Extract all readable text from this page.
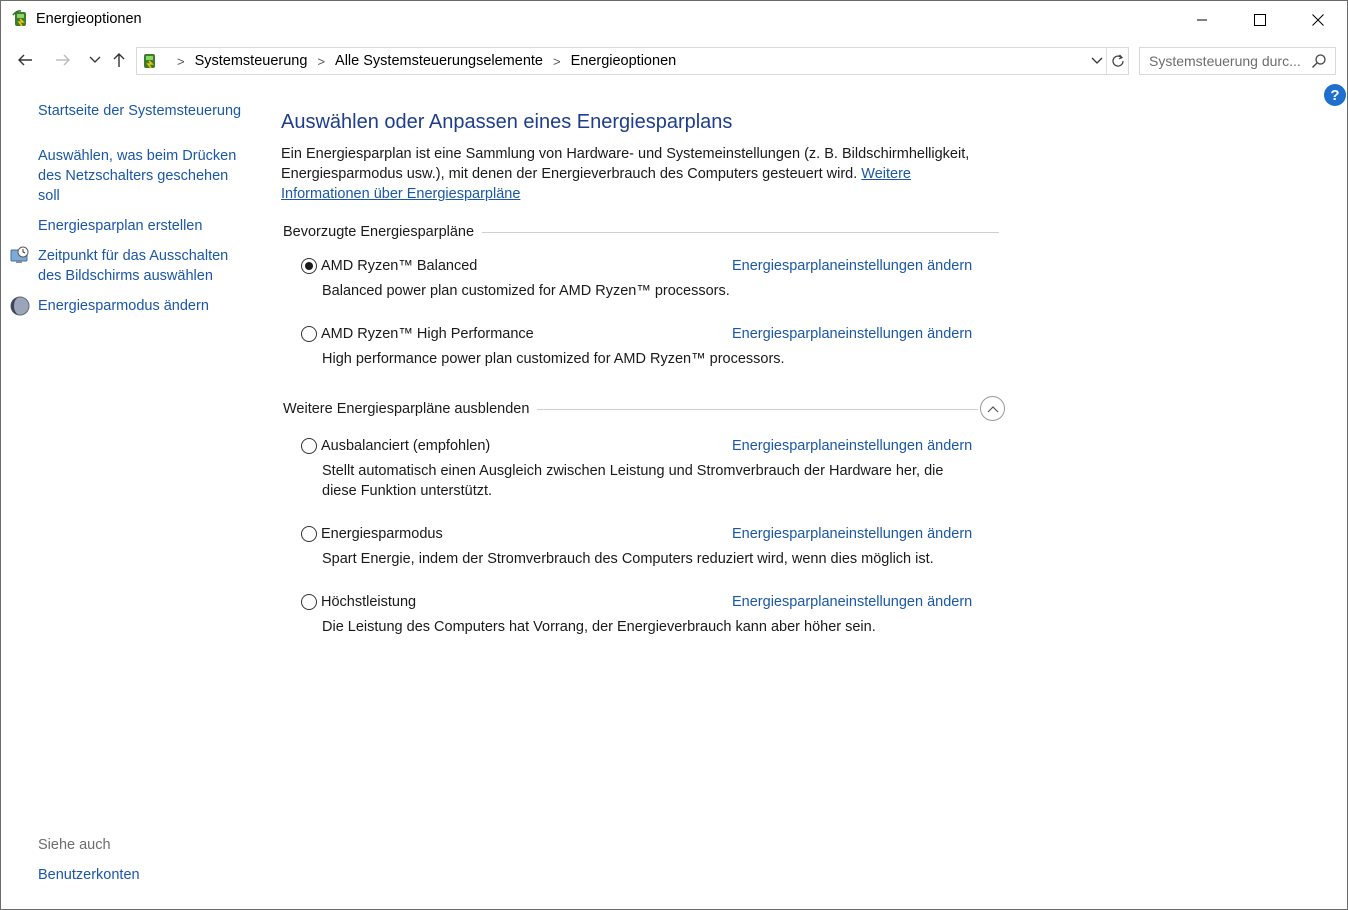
Energieoptionen
> Systemsteuerung > Alle Systemsteuerungselemente > Energieoptionen	Systemsteuerung durc...
?
Startseite der Systemsteuerung
Auswählen, was beim Drücken des Netzschalters geschehen soll
Energiesparplan erstellen
Zeitpunkt für das Ausschalten des Bildschirms auswählen
Energiesparmodus ändern
Siehe auch
Benutzerkonten
Auswählen oder Anpassen eines Energiesparplans
Ein Energiesparplan ist eine Sammlung von Hardware- und Systemeinstellungen (z. B. Bildschirmhelligkeit, Energiesparmodus usw.), mit denen der Energieverbrauch des Computers gesteuert wird. Weitere Informationen über Energiesparpläne
Bevorzugte Energiesparpläne
AMD Ryzen™ Balanced	Energiesparplaneinstellungen ändern
Balanced power plan customized for AMD Ryzen™ processors.
AMD Ryzen™ High Performance	Energiesparplaneinstellungen ändern
High performance power plan customized for AMD Ryzen™ processors.
Weitere Energiesparpläne ausblenden
Ausbalanciert (empfohlen)	Energiesparplaneinstellungen ändern
Stellt automatisch einen Ausgleich zwischen Leistung und Stromverbrauch der Hardware her, die diese Funktion unterstützt.
Energiesparmodus	Energiesparplaneinstellungen ändern
Spart Energie, indem der Stromverbrauch des Computers reduziert wird, wenn dies möglich ist.
Höchstleistung	Energiesparplaneinstellungen ändern
Die Leistung des Computers hat Vorrang, der Energieverbrauch kann aber höher sein.
